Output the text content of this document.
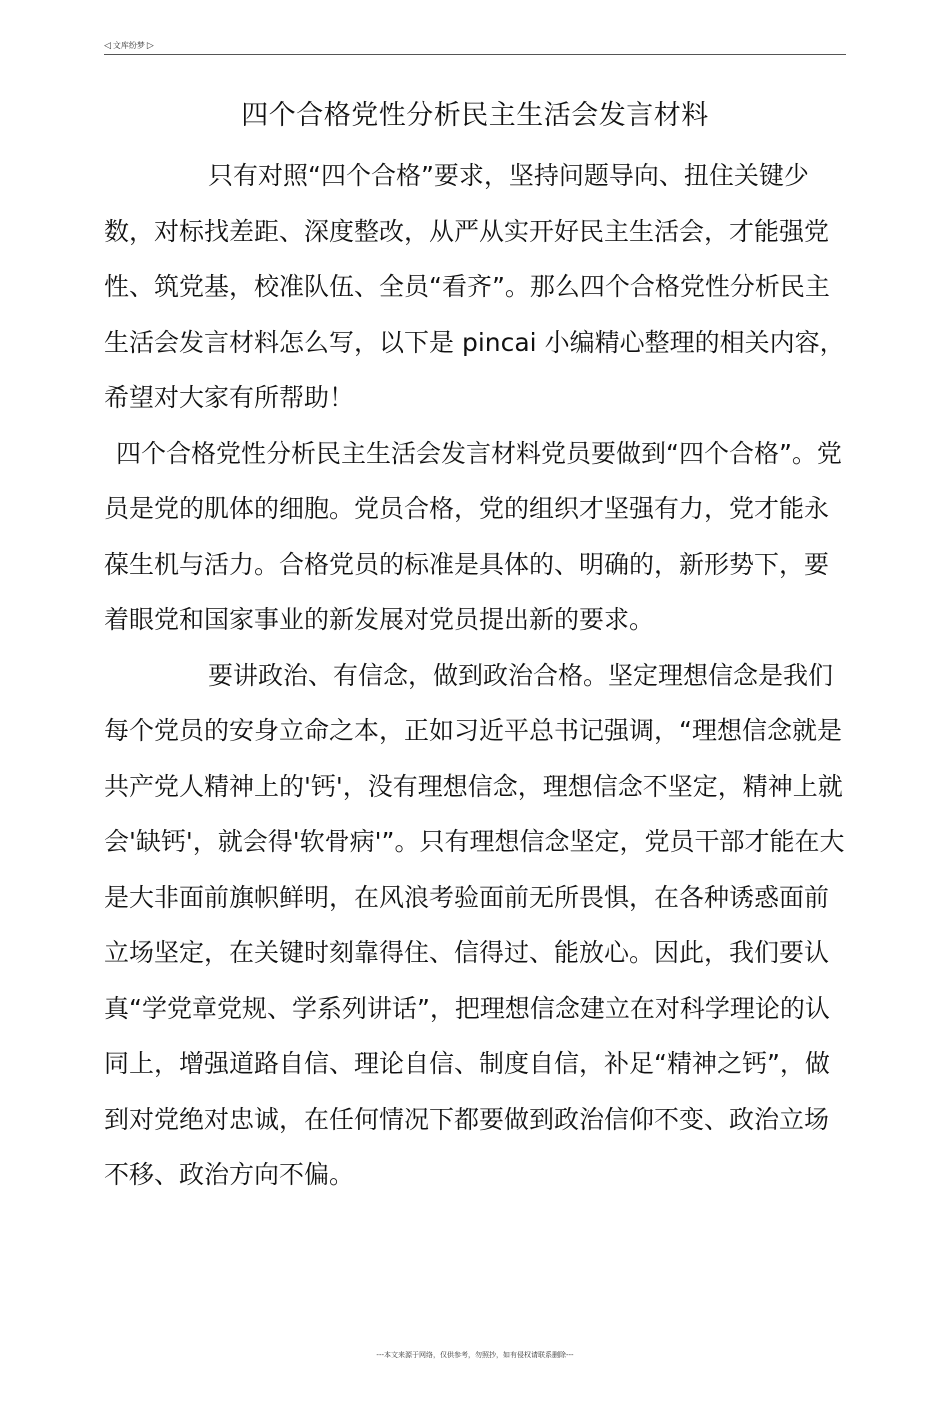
◁ 文库纷梦 ▷
四个合格党性分析民主生活会发言材料

只有对照“四个合格”要求，坚持问题导向、扭住关键少数，对标找差距、深度整改，从严从实开好民主生活会，才能强党性、筑党基，校准队伍、全员“看齐”。那么四个合格党性分析民主生活会发言材料怎么写，以下是 pincai 小编精心整理的相关内容，希望对大家有所帮助！

四个合格党性分析民主生活会发言材料党员要做到“四个合格”。党员是党的肌体的细胞。党员合格，党的组织才坚强有力，党才能永葆生机与活力。合格党员的标准是具体的、明确的，新形势下，要着眼党和国家事业的新发展对党员提出新的要求。

要讲政治、有信念，做到政治合格。坚定理想信念是我们每个党员的安身立命之本，正如习近平总书记强调，“理想信念就是共产党人精神上的'钙'，没有理想信念，理想信念不坚定，精神上就会'缺钙'，就会得'软骨病'”。只有理想信念坚定，党员干部才能在大是大非面前旗帜鲜明，在风浪考验面前无所畏惧，在各种诱惑面前立场坚定，在关键时刻靠得住、信得过、能放心。因此，我们要认真“学党章党规、学系列讲话”，把理想信念建立在对科学理论的认同上，增强道路自信、理论自信、制度自信，补足“精神之钙”，做到对党绝对忠诚，在任何情况下都要做到政治信仰不变、政治立场不移、政治方向不偏。

---本文来源于网络，仅供参考，勿照抄，如有侵权请联系删除---
